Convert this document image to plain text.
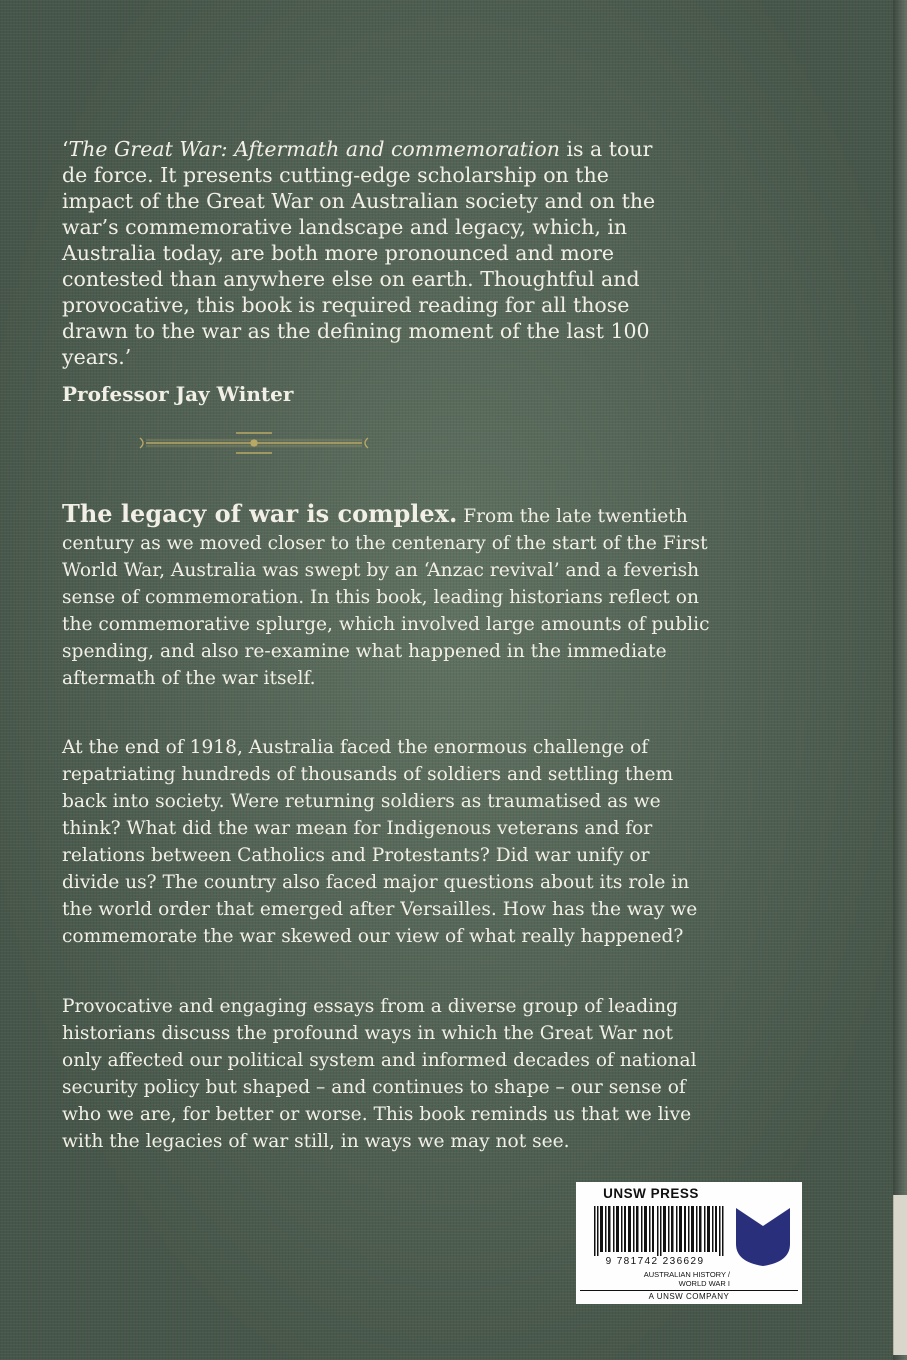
‘The Great War: Aftermath and commemoration is a tour de force. It presents cutting-edge scholarship on the impact of the Great War on Australian society and on the war’s commemorative landscape and legacy, which, in Australia today, are both more pronounced and more contested than anywhere else on earth. Thoughtful and provocative, this book is required reading for all those drawn to the war as the defining moment of the last 100 years.’

Professor Jay Winter

The legacy of war is complex. From the late twentieth century as we moved closer to the centenary of the start of the First World War, Australia was swept by an ‘Anzac revival’ and a feverish sense of commemoration. In this book, leading historians reflect on the commemorative splurge, which involved large amounts of public spending, and also re-examine what happened in the immediate aftermath of the war itself.

At the end of 1918, Australia faced the enormous challenge of repatriating hundreds of thousands of soldiers and settling them back into society. Were returning soldiers as traumatised as we think? What did the war mean for Indigenous veterans and for relations between Catholics and Protestants? Did war unify or divide us? The country also faced major questions about its role in the world order that emerged after Versailles. How has the way we commemorate the war skewed our view of what really happened?

Provocative and engaging essays from a diverse group of leading historians discuss the profound ways in which the Great War not only affected our political system and informed decades of national security policy but shaped – and continues to shape – our sense of who we are, for better or worse. This book reminds us that we live with the legacies of war still, in ways we may not see.

UNSW PRESS
9 781742 236629
AUSTRALIAN HISTORY /
WORLD WAR I
A UNSW COMPANY
